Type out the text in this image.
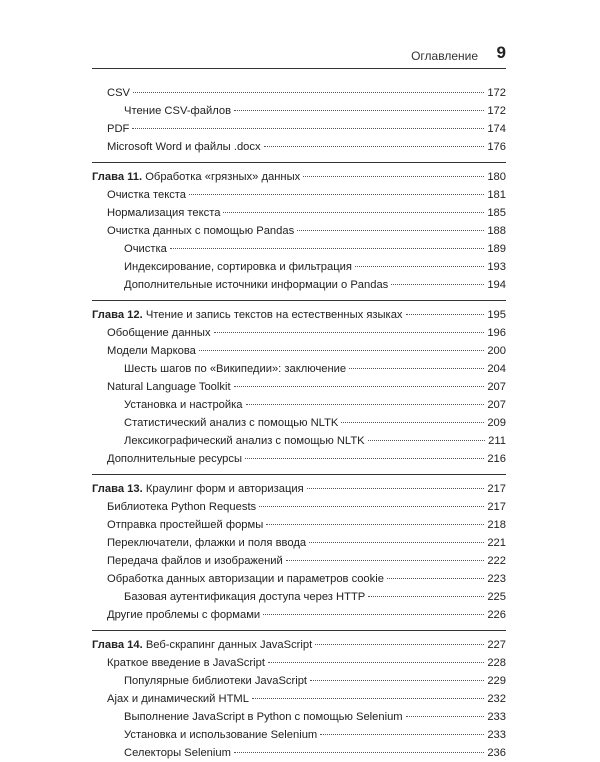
Оглавление 9
CSV	172
Чтение CSV-файлов	172
PDF	174
Microsoft Word и файлы .docx	176
Глава 11. Обработка «грязных» данных	180
Очистка текста	181
Нормализация текста	185
Очистка данных с помощью Pandas	188
Очистка	189
Индексирование, сортировка и фильтрация	193
Дополнительные источники информации о Pandas	194
Глава 12. Чтение и запись текстов на естественных языках	195
Обобщение данных	196
Модели Маркова	200
Шесть шагов по «Википедии»: заключение	204
Natural Language Toolkit	207
Установка и настройка	207
Статистический анализ с помощью NLTK	209
Лексикографический анализ с помощью NLTK	211
Дополнительные ресурсы	216
Глава 13. Краулинг форм и авторизация	217
Библиотека Python Requests	217
Отправка простейшей формы	218
Переключатели, флажки и поля ввода	221
Передача файлов и изображений	222
Обработка данных авторизации и параметров cookie	223
Базовая аутентификация доступа через HTTP	225
Другие проблемы с формами	226
Глава 14. Веб-скрапинг данных JavaScript	227
Краткое введение в JavaScript	228
Популярные библиотеки JavaScript	229
Ajax и динамический HTML	232
Выполнение JavaScript в Python с помощью Selenium	233
Установка и использование Selenium	233
Селекторы Selenium	236
